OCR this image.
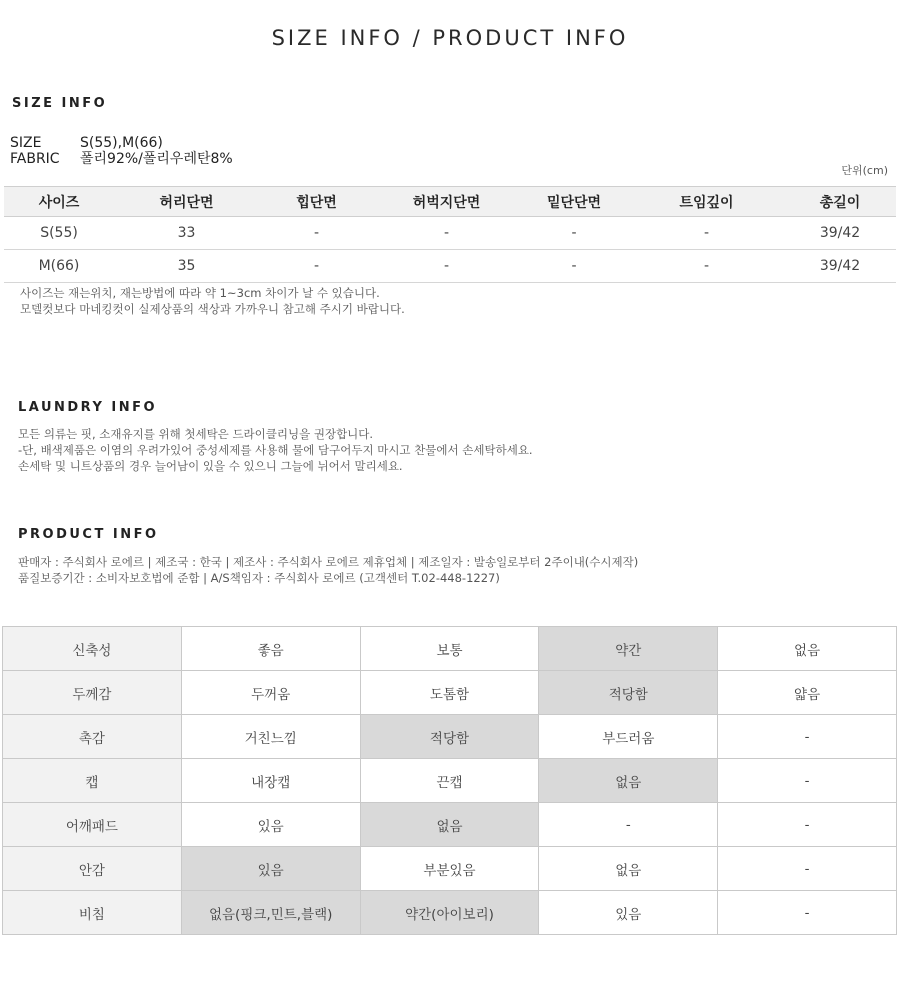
SIZE INFO / PRODUCT INFO
SIZE INFO
SIZE	S(55),M(66)
FABRIC 폴리92%/폴리우레탄8%
단위(cm)
사이즈	허리단면	힙단면	허벅지단면	밑단단면	트임깊이	총길이
S(55)	33	-	-	-	-	39/42
M(66)	35	-	-	-	-	39/42
사이즈는 재는위치, 재는방법에 따라 약 1~3cm 차이가 날 수 있습니다.
모델컷보다 마네킹컷이 실제상품의 색상과 가까우니 참고해 주시기 바랍니다.
LAUNDRY INFO
모든 의류는 핏, 소재유지를 위해 첫세탁은 드라이클리닝을 권장합니다.
-단, 배색제품은 이염의 우려가있어 중성세제를 사용해 물에 담구어두지 마시고 찬물에서 손세탁하세요.
손세탁 및 니트상품의 경우 늘어남이 있을 수 있으니 그늘에 뉘어서 말리세요.
PRODUCT INFO
판매자 : 주식회사 로에르 | 제조국 : 한국 | 제조사 : 주식회사 로에르 제휴업체 | 제조일자 : 발송일로부터 2주이내(수시제작)
품질보증기간 : 소비자보호법에 준함 | A/S책임자 : 주식회사 로에르 (고객센터 T.02-448-1227)
신축성	좋음	보통	약간	없음
두께감	두꺼움	도톰함	적당함	얇음
촉감	거친느낌	적당함	부드러움	-
캡	내장캡	끈캡	없음	-
어깨패드	있음	없음	-	-
안감	있음	부분있음	없음	-
비침	없음(핑크,민트,블랙)	약간(아이보리)	있음	-
